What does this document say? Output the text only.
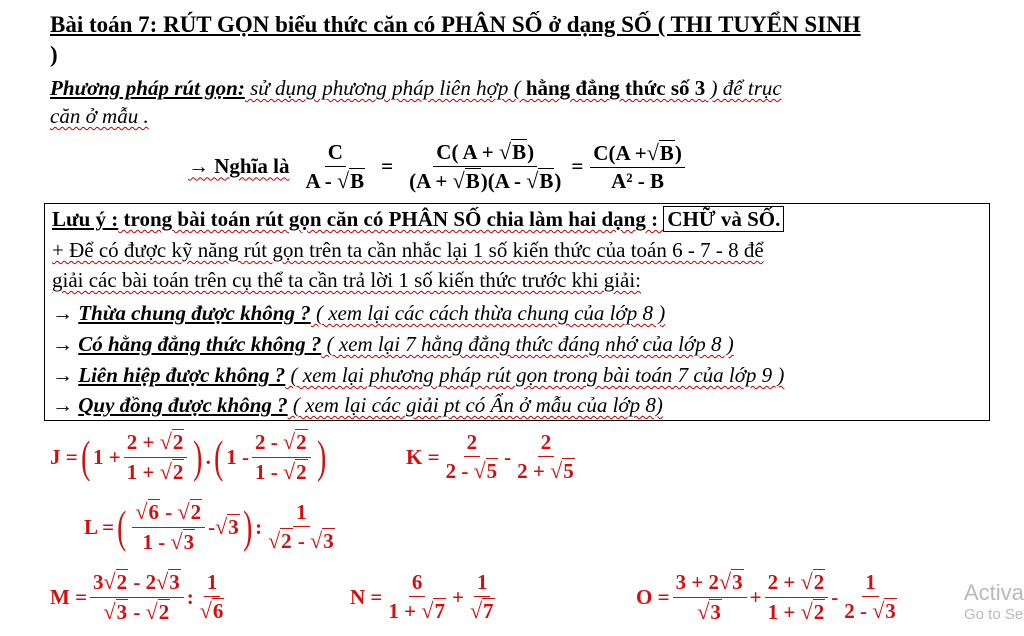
Bài toán 7: RÚT GỌN biểu thức căn có PHÂN SỐ ở dạng SỐ ( THI TUYỂN SINH
)
Phương pháp rút gọn: sử dụng phương pháp liên hợp ( hằng đẳng thức số 3 ) để trục
căn ở mẫu .
→ Nghĩa là $\frac{C}{A - √B} = \frac{C( A + √B)}{(A + √B)(A - √B)} = \frac{C(A +√B)}{\text{A² - B}}$
Lưu ý : trong bài toán rút gọn căn có PHÂN SỐ chia làm hai dạng : CHỮ và SỐ.
+ Để có được kỹ năng rút gọn trên ta cần nhắc lại 1 số kiến thức của toán 6 - 7 - 8 để
giải các bài toán trên cụ thể ta cần trả lời 1 số kiến thức trước khi giải:
→ Thừa chung được không ? ( xem lại các cách thừa chung của lớp 8 )
→ Có hằng đẳng thức không ? ( xem lại 7 hằng đẳng thức đáng nhớ của lớp 8 )
→ Liên hiệp được không ? ( xem lại phương pháp rút gọn trong bài toán 7 của lớp 9 )
→ Quy đồng được không ? ( xem lại các giải pt có Ẩn ở mẫu của lớp 8)
J = ( $1 + \frac{2 + √2}{1 + √2}$ ) . ( $1 - \frac{2 - √2}{1 - √2}$ )	$K = \frac{2}{2 - √5} - \frac{2}{2 + √5}$
L = ( $\frac{√6 - √2}{1 - √3} - √3$ ) : $\frac{1}{√2 - √3}$
$M = \frac{3√2 - 2√3}{√3 - √2}$ : $\frac{1}{√6}$	$N = \frac{6}{1 + √7} + \frac{1}{√7}$	$O = \frac{3 + 2√3}{√3} + \frac{2 + √2}{1 + √2} - \frac{1}{2 - √3}$	Activa
Go to Se
